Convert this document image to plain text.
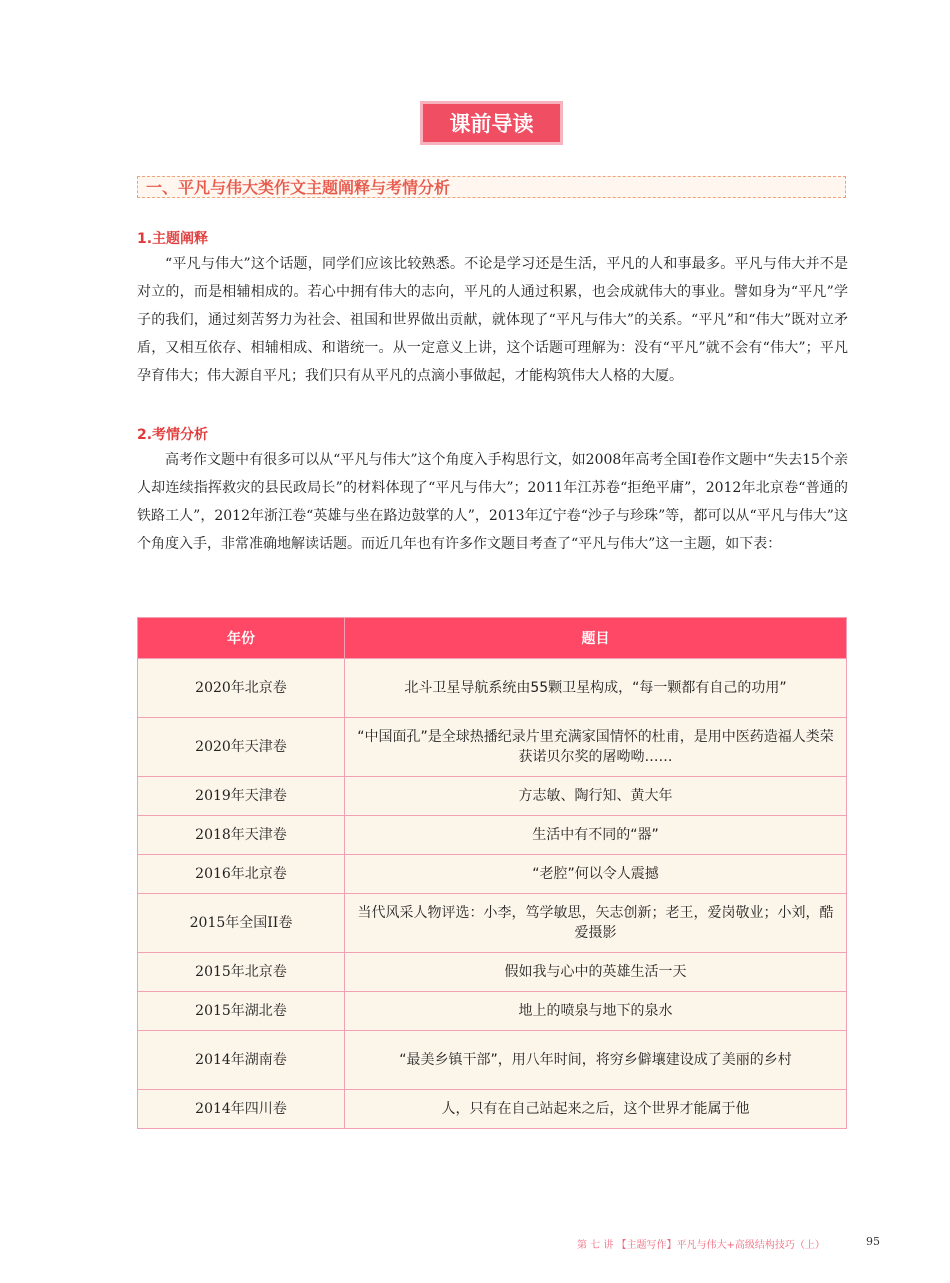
课前导读
一、平凡与伟大类作文主题阐释与考情分析
1.主题阐释
“平凡与伟大”这个话题，同学们应该比较熟悉。不论是学习还是生活，平凡的人和事最多。平凡与伟大并不是对立的，而是相辅相成的。若心中拥有伟大的志向，平凡的人通过积累，也会成就伟大的事业。譬如身为“平凡”学子的我们，通过刻苦努力为社会、祖国和世界做出贡献，就体现了“平凡与伟大”的关系。“平凡”和“伟大”既对立矛盾，又相互依存、相辅相成、和谐统一。从一定意义上讲，这个话题可理解为：没有“平凡”就不会有“伟大”；平凡孕育伟大；伟大源自平凡；我们只有从平凡的点滴小事做起，才能构筑伟大人格的大厦。
2.考情分析
高考作文题中有很多可以从“平凡与伟大”这个角度入手构思行文，如2008年高考全国I卷作文题中“失去15个亲人却连续指挥救灾的县民政局长”的材料体现了“平凡与伟大”；2011年江苏卷“拒绝平庸”，2012年北京卷“普通的铁路工人”，2012年浙江卷“英雄与坐在路边鼓掌的人”，2013年辽宁卷“沙子与珍珠”等，都可以从“平凡与伟大”这个角度入手，非常准确地解读话题。而近几年也有许多作文题目考查了“平凡与伟大”这一主题，如下表：
年份	题目
2020年北京卷	北斗卫星导航系统由55颗卫星构成，“每一颗都有自己的功用”
2020年天津卷	“中国面孔”是全球热播纪录片里充满家国情怀的杜甫，是用中医药造福人类荣获诺贝尔奖的屠呦呦……
2019年天津卷	方志敏、陶行知、黄大年
2018年天津卷	生活中有不同的“器”
2016年北京卷	“老腔”何以令人震撼
2015年全国II卷	当代风采人物评选：小李，笃学敏思，矢志创新；老王，爱岗敬业；小刘，酷爱摄影
2015年北京卷	假如我与心中的英雄生活一天
2015年湖北卷	地上的喷泉与地下的泉水
2014年湖南卷	“最美乡镇干部”，用八年时间，将穷乡僻壤建设成了美丽的乡村
2014年四川卷	人，只有在自己站起来之后，这个世界才能属于他
第 七 讲 【主题写作】平凡与伟大+高级结构技巧（上）	95
